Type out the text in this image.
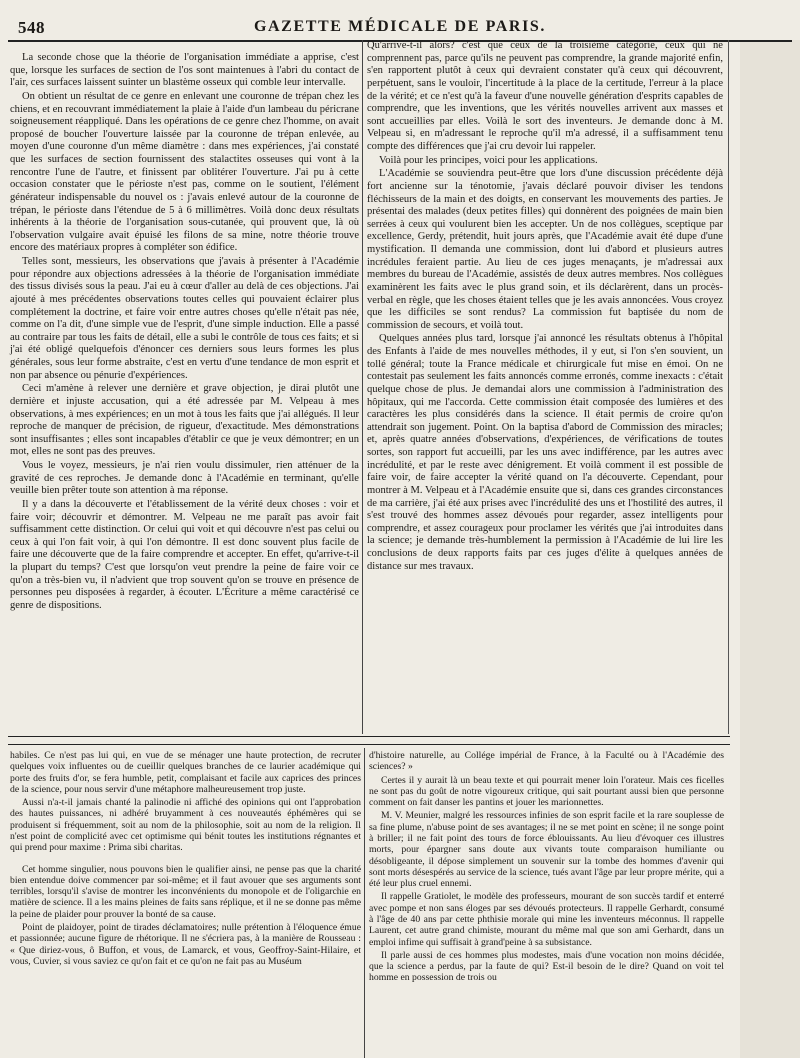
548	GAZETTE MÉDICALE DE PARIS.

La seconde chose que la théorie de l'organisation immédiate a apprise, c'est que, lorsque les surfaces de section de l'os sont maintenues à l'abri du contact de l'air, ces surfaces laissent suinter un blastème osseux qui comble leur intervalle.

On obtient un résultat de ce genre en enlevant une couronne de trépan chez les chiens, et en recouvrant immédiatement la plaie à l'aide d'un lambeau du péricrane soigneusement réappliqué. Dans les opérations de ce genre chez l'homme, on avait proposé de boucher l'ouverture laissée par la couronne de trépan enlevée, au moyen d'une couronne d'un même diamètre : dans mes expériences, j'ai constaté que les surfaces de section fournissent des stalactites osseuses qui vont à la rencontre l'une de l'autre, et finissent par oblitérer l'ouverture. J'ai pu à cette occasion constater que le périoste n'est pas, comme on le soutient, l'élément générateur indispensable du nouvel os : j'avais enlevé autour de la couronne de trépan, le périoste dans l'étendue de 5 à 6 millimètres. Voilà donc deux résultats inhérents à la théorie de l'organisation sous-cutanée, qui prouvent que, là où l'observation vulgaire avait épuisé les filons de sa mine, notre théorie trouve encore des matériaux propres à compléter son édifice.

Telles sont, messieurs, les observations que j'avais à présenter à l'Académie pour répondre aux objections adressées à la théorie de l'organisation immédiate des tissus divisés sous la peau. J'ai eu à cœur d'aller au delà de ces objections. J'ai ajouté à mes précédentes observations toutes celles qui pouvaient éclairer plus complétement la doctrine, et faire voir entre autres choses qu'elle n'était pas née, comme on l'a dit, d'une simple vue de l'esprit, d'une simple induction. Elle a passé au contraire par tous les faits de détail, elle a subi le contrôle de tous ces faits; et si j'ai été obligé quelquefois d'énoncer ces derniers sous leurs formes les plus générales, sous leur forme abstraite, c'est en vertu d'une tendance de mon esprit et non par absence ou pénurie d'expériences.

Ceci m'amène à relever une dernière et grave objection, je dirai plutôt une dernière et injuste accusation, qui a été adressée par M. Velpeau à mes observations, à mes expériences; en un mot à tous les faits que j'ai allégués. Il leur reproche de manquer de précision, de rigueur, d'exactitude. Mes démonstrations sont insuffisantes ; elles sont incapables d'établir ce que je veux démontrer; en un mot, elles ne sont pas des preuves.

Vous le voyez, messieurs, je n'ai rien voulu dissimuler, rien atténuer de la gravité de ces reproches. Je demande donc à l'Académie en terminant, qu'elle veuille bien prêter toute son attention à ma réponse.

Il y a dans la découverte et l'établissement de la vérité deux choses : voir et faire voir; découvrir et démontrer. M. Velpeau ne me paraît pas avoir fait suffisamment cette distinction. Or celui qui voit et qui découvre n'est pas celui ou ceux à qui l'on fait voir, à qui l'on démontre. Il est donc souvent plus facile de faire une découverte que de la faire comprendre et accepter. En effet, qu'arrive-t-il la plupart du temps? C'est que lorsqu'on veut prendre la peine de faire voir ce qu'on a très-bien vu, il n'advient que trop souvent qu'on se trouve en présence de personnes peu disposées à regarder, à écouter. L'Écriture a même caractérisé ce genre de dispositions.

Qu'arrive-t-il alors? c'est que ceux de la troisième catégorie, ceux qui ne comprennent pas, parce qu'ils ne peuvent pas comprendre, la grande majorité enfin, s'en rapportent plutôt à ceux qui devraient constater qu'à ceux qui découvrent, perpétuent, sans le vouloir, l'incertitude à la place de la certitude, l'erreur à la place de la vérité; et ce n'est qu'à la faveur d'une nouvelle génération d'esprits capables de comprendre, que les inventions, que les vérités nouvelles arrivent aux masses et sont accueillies par elles. Voilà le sort des inventeurs. Je demande donc à M. Velpeau si, en m'adressant le reproche qu'il m'a adressé, il a suffisamment tenu compte des différences que j'ai cru devoir lui rappeler.

Voilà pour les principes, voici pour les applications.

L'Académie se souviendra peut-être que lors d'une discussion précédente déjà fort ancienne sur la ténotomie, j'avais déclaré pouvoir diviser les tendons fléchisseurs de la main et des doigts, en conservant les mouvements des parties. Je présentai des malades (deux petites filles) qui donnèrent des poignées de main bien serrées à ceux qui voulurent bien les accepter. Un de nos collègues, sceptique par excellence, Gerdy, prétendit, huit jours après, que l'Académie avait été dupe d'une mystification. Il demanda une commission, dont lui d'abord et plusieurs autres incrédules feraient partie. Au lieu de ces juges menaçants, je m'adressai aux membres du bureau de l'Académie, assistés de deux autres membres. Nos collègues examinèrent les faits avec le plus grand soin, et ils déclarèrent, dans un procès-verbal en règle, que les choses étaient telles que je les avais annoncées. Vous croyez que les difficiles se sont rendus? La commission fut baptisée du nom de commission de secours, et voilà tout.

Quelques années plus tard, lorsque j'ai annoncé les résultats obtenus à l'hôpital des Enfants à l'aide de mes nouvelles méthodes, il y eut, si l'on s'en souvient, un tollé général; toute la France médicale et chirurgicale fut mise en émoi. On ne contestait pas seulement les faits annoncés comme erronés, comme inexacts : c'était quelque chose de plus. Je demandai alors une commission à l'administration des hôpitaux, qui me l'accorda. Cette commission était composée des lumières et des caractères les plus considérés dans la science. Il était permis de croire qu'on attendrait son jugement. Point. On la baptisa d'abord de Commission des miracles; et, après quatre années d'observations, d'expériences, de vérifications de toutes sortes, son rapport fut accueilli, par les uns avec indifférence, par les autres avec incrédulité, et par le reste avec dénigrement. Et voilà comment il est possible de faire voir, de faire accepter la vérité quand on l'a découverte. Cependant, pour montrer à M. Velpeau et à l'Académie ensuite que si, dans ces grandes circonstances de ma carrière, j'ai été aux prises avec l'incrédulité des uns et l'hostilité des autres, il s'est trouvé des hommes assez dévoués pour regarder, assez intelligents pour comprendre, et assez courageux pour proclamer les vérités que j'ai introduites dans la science; je demande très-humblement la permission à l'Académie de lui lire les conclusions de deux rapports faits par ces juges d'élite à quelques années de distance sur mes travaux.

habiles. Ce n'est pas lui qui, en vue de se ménager une haute protection, de recruter quelques voix influentes ou de cueillir quelques branches de ce laurier académique qui porte des fruits d'or, se fera humble, petit, complaisant et facile aux caprices des princes de la science, pour nous servir d'une métaphore malheureusement trop juste.

Aussi n'a-t-il jamais chanté la palinodie ni affiché des opinions qui ont l'approbation des hautes puissances, ni adhéré bruyamment à ces nouveautés éphémères qui se produisent si fréquemment, soit au nom de la philosophie, soit au nom de la religion. Il n'est point de complicité avec cet optimisme qui bénit toutes les institutions régnantes et qui prend pour maxime : Prima sibi charitas.

Cet homme singulier, nous pouvons bien le qualifier ainsi, ne pense pas que la charité bien entendue doive commencer par soi-même; et il faut avouer que ses arguments sont terribles, lorsqu'il s'avise de montrer les inconvénients du monopole et de l'oligarchie en matière de science. Il a les mains pleines de faits sans réplique, et il ne se donne pas même la peine de plaider pour prouver la bonté de sa cause.

Point de plaidoyer, point de tirades déclamatoires; nulle prétention à l'éloquence émue et passionnée; aucune figure de rhétorique. Il ne s'écriera pas, à la manière de Rousseau : « Que diriez-vous, ô Buffon, et vous, de Lamarck, et vous, Geoffroy-Saint-Hilaire, et vous, Cuvier, si vous saviez ce qu'on fait et ce qu'on ne fait pas au Muséum

d'histoire naturelle, au Collége impérial de France, à la Faculté ou à l'Académie des sciences? »

Certes il y aurait là un beau texte et qui pourrait mener loin l'orateur. Mais ces ficelles ne sont pas du goût de notre vigoureux critique, qui sait pourtant aussi bien que personne comment on fait danser les pantins et jouer les marionnettes.

M. V. Meunier, malgré les ressources infinies de son esprit facile et la rare souplesse de sa fine plume, n'abuse point de ses avantages; il ne se met point en scène; il ne songe point à briller; il ne fait point des tours de force éblouissants. Au lieu d'évoquer ces illustres morts, pour épargner sans doute aux vivants toute comparaison humiliante ou désobligeante, il dépose simplement un souvenir sur la tombe des hommes d'avenir qui sont morts désespérés au service de la science, tués avant l'âge par leur propre mérite, qui a été leur plus cruel ennemi.

Il rappelle Gratiolet, le modèle des professeurs, mourant de son succès tardif et enterré avec pompe et non sans éloges par ses dévoués protecteurs. Il rappelle Gerhardt, consumé à l'âge de 40 ans par cette phthisie morale qui mine les inventeurs méconnus. Il rappelle Laurent, cet autre grand chimiste, mourant du même mal que son ami Gerhardt, dans un emploi infime qui suffisait à grand'peine à sa subsistance.

Il parle aussi de ces hommes plus modestes, mais d'une vocation non moins décidée, que la science a perdus, par la faute de qui? Est-il besoin de le dire? Quand on voit tel homme en possession de trois ou
